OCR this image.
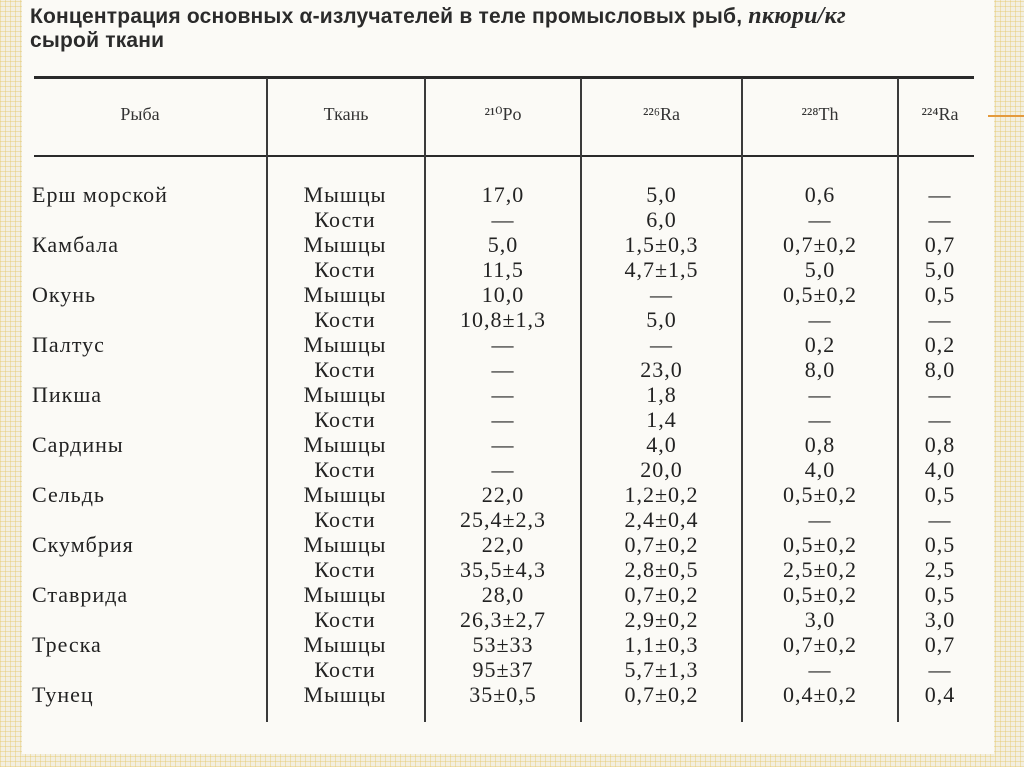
Концентрация основных α-излучателей в теле промысловых рыб, пкюри/кг
сырой ткани
Рыба	Ткань	²¹⁰Po	²²⁶Ra	²²⁸Th	²²⁴Ra
Ерш морской	Мышцы	17,0	5,0	0,6	—
Кости	—	6,0	—	—
Камбала	Мышцы	5,0	1,5±0,3	0,7±0,2	0,7
Кости	11,5	4,7±1,5	5,0	5,0
Окунь	Мышцы	10,0	—	0,5±0,2	0,5
Кости	10,8±1,3	5,0	—	—
Палтус	Мышцы	—	—	0,2	0,2
Кости	—	23,0	8,0	8,0
Пикша	Мышцы	—	1,8	—	—
Кости	—	1,4	—	—
Сардины	Мышцы	—	4,0	0,8	0,8
Кости	—	20,0	4,0	4,0
Сельдь	Мышцы	22,0	1,2±0,2	0,5±0,2	0,5
Кости	25,4±2,3	2,4±0,4	—	—
Скумбрия	Мышцы	22,0	0,7±0,2	0,5±0,2	0,5
Кости	35,5±4,3	2,8±0,5	2,5±0,2	2,5
Ставрида	Мышцы	28,0	0,7±0,2	0,5±0,2	0,5
Кости	26,3±2,7	2,9±0,2	3,0	3,0
Треска	Мышцы	53±33	1,1±0,3	0,7±0,2	0,7
Кости	95±37	5,7±1,3	—	—
Тунец	Мышцы	35±0,5	0,7±0,2	0,4±0,2	0,4
